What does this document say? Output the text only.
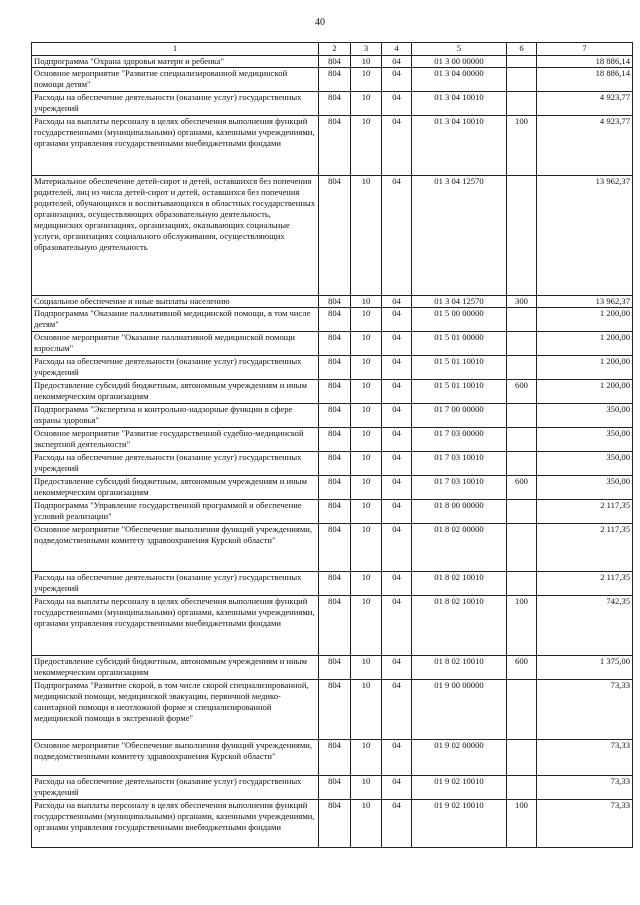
40
1	2	3	4	5	6	7
Подпрограмма "Охрана здоровья матери и ребенка"	804	10	04	01 3 00 00000		18 886,14
Основное мероприятие "Развитие специализированной медицинской помощи детям"	804	10	04	01 3 04 00000		18 886,14
Расходы на обеспечение деятельности (оказание услуг) государственных учреждений	804	10	04	01 3 04 10010		4 923,77
Расходы на выплаты персоналу в целях обеспечения выполнения функций государственными (муниципальными) органами, казенными учреждениями, органами управления государственными внебюджетными фондами	804	10	04	01 3 04 10010	100	4 923,77
Материальное обеспечение детей-сирот и детей, оставшихся без попечения родителей, лиц из числа детей-сирот и детей, оставшихся без попечения родителей, обучающихся и воспитывающихся в областных государственных организациях, осуществляющих образовательную деятельность, медицинских организациях, организациях, оказывающих социальные услуги, организациях социального обслуживания, осуществляющих образовательную деятельность	804	10	04	01 3 04 12570		13 962,37
Социальное обеспечение и иные выплаты населению	804	10	04	01 3 04 12570	300	13 962,37
Подпрограмма "Оказание паллиативной медицинской помощи, в том числе детям"	804	10	04	01 5 00 00000		1 200,00
Основное мероприятие "Оказание паллиативной медицинской помощи взрослым"	804	10	04	01 5 01 00000		1 200,00
Расходы на обеспечение деятельности (оказание услуг) государственных учреждений	804	10	04	01 5 01 10010		1 200,00
Предоставление субсидий бюджетным, автономным учреждениям и иным некоммерческим организациям	804	10	04	01 5 01 10010	600	1 200,00
Подпрограмма "Экспертиза и контрольно-надзорные функции в сфере охраны здоровья"	804	10	04	01 7 00 00000		350,00
Основное мероприятие "Развитие государственной судебно-медицинской экспертной деятельности"	804	10	04	01 7 03 00000		350,00
Расходы на обеспечение деятельности (оказание услуг) государственных учреждений	804	10	04	01 7 03 10010		350,00
Предоставление субсидий бюджетным, автономным учреждениям и иным некоммерческим организациям	804	10	04	01 7 03 10010	600	350,00
Подпрограмма "Управление государственной программой и обеспечение условий реализации"	804	10	04	01 8 00 00000		2 117,35
Основное мероприятие "Обеспечение выполнения функций учреждениями, подведомственными комитету здравоохранения Курской области"	804	10	04	01 8 02 00000		2 117,35
Расходы на обеспечение деятельности (оказание услуг) государственных учреждений	804	10	04	01 8 02 10010		2 117,35
Расходы на выплаты персоналу в целях обеспечения выполнения функций государственными (муниципальными) органами, казенными учреждениями, органами управления государственными внебюджетными фондами	804	10	04	01 8 02 10010	100	742,35
Предоставление субсидий бюджетным, автономным учреждениям и иным некоммерческим организациям	804	10	04	01 8 02 10010	600	1 375,00
Подпрограмма "Развитие скорой, в том числе скорой специализированной, медицинской помощи, медицинской эвакуации, первичной медико-санитарной помощи в неотложной форме и специализированной медицинской помощи в экстренной форме"	804	10	04	01 9 00 00000		73,33
Основное мероприятие "Обеспечение выполнения функций учреждениями, подведомственными комитету здравоохранения Курской области"	804	10	04	01 9 02 00000		73,33
Расходы на обеспечение деятельности (оказание услуг) государственных учреждений	804	10	04	01 9 02 10010		73,33
Расходы на выплаты персоналу в целях обеспечения выполнения функций государственными (муниципальными) органами, казенными учреждениями, органами управления государственными внебюджетными фондами	804	10	04	01 9 02 10010	100	73,33
